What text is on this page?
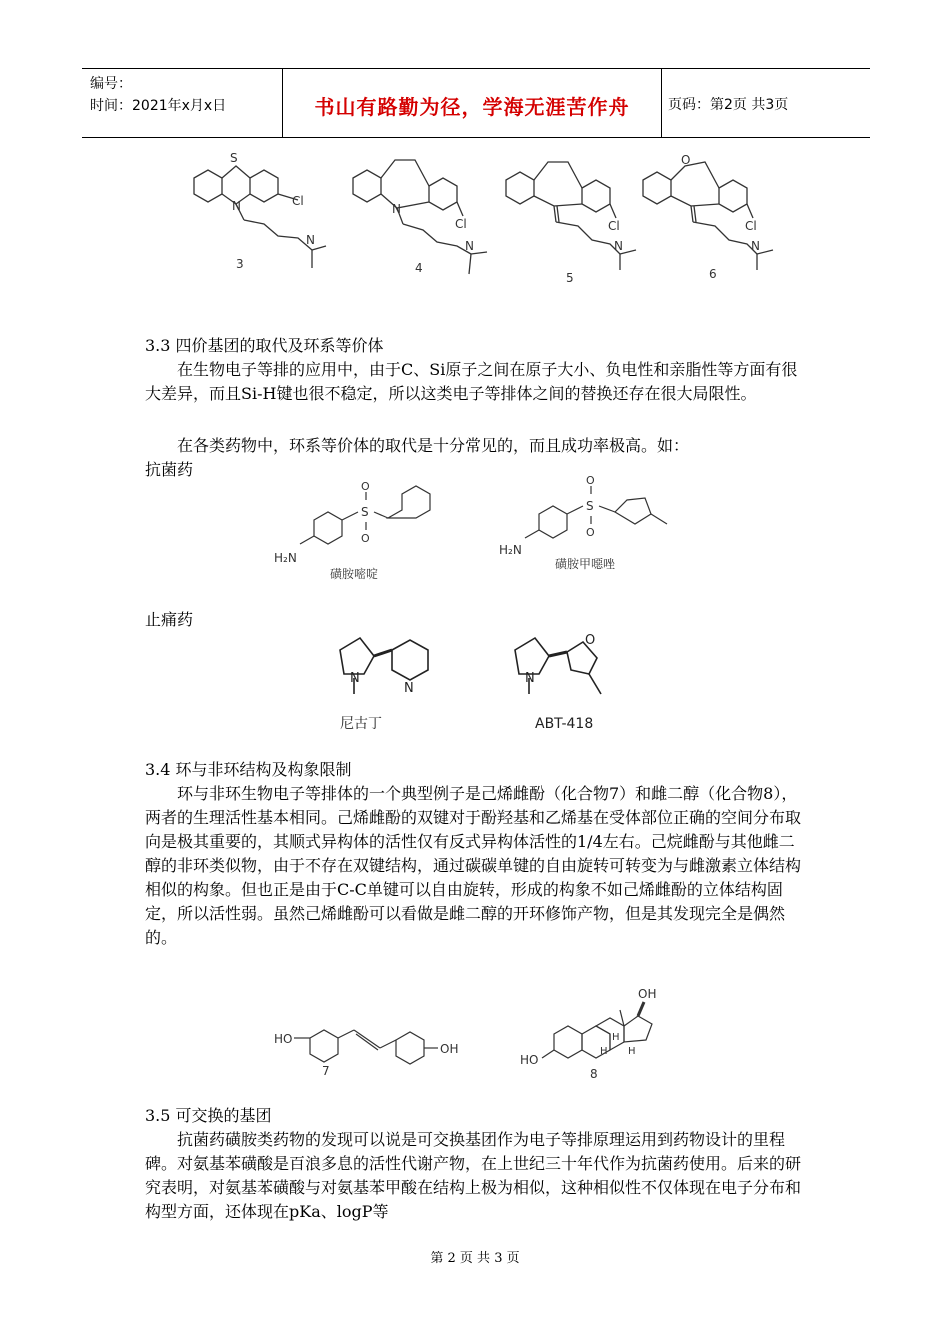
编号：
时间：2021年x月x日	书山有路勤为径，学海无涯苦作舟	页码：第2页 共3页
S
N	Cl
N
3
N
Cl
N
4
Cl
N
5
O
Cl
N
6

3.3 四价基团的取代及环系等价体

在生物电子等排的应用中，由于C、Si原子之间在原子大小、负电性和亲脂性等方面有很大差异，而且Si-H键也很不稳定，所以这类电子等排体之间的替换还存在很大局限性。

在各类药物中，环系等价体的取代是十分常见的，而且成功率极高。如：

抗菌药

H₂N
S
O
O
磺胺嘧啶
H₂N
S
O
O
磺胺甲噁唑

止痛药

N
N
尼古丁
N
O
ABT-418

3.4 环与非环结构及构象限制

环与非环生物电子等排体的一个典型例子是己烯雌酚（化合物7）和雌二醇（化合物8），两者的生理活性基本相同。己烯雌酚的双键对于酚羟基和乙烯基在受体部位正确的空间分布取向是极其重要的，其顺式异构体的活性仅有反式异构体活性的1/4左右。己烷雌酚与其他雌二醇的非环类似物，由于不存在双键结构，通过碳碳单键的自由旋转可转变为与雌激素立体结构相似的构象。但也正是由于C-C单键可以自由旋转，形成的构象不如己烯雌酚的立体结构固定，所以活性弱。虽然己烯雌酚可以看做是雌二醇的开环修饰产物，但是其发现完全是偶然的。

HO
OH
7
HO
OH
H
H H
8

3.5 可交换的基团

抗菌药磺胺类药物的发现可以说是可交换基团作为电子等排原理运用到药物设计的里程碑。对氨基苯磺酸是百浪多息的活性代谢产物，在上世纪三十年代作为抗菌药使用。后来的研究表明，对氨基苯磺酸与对氨基苯甲酸在结构上极为相似，这种相似性不仅体现在电子分布和构型方面，还体现在pKa、logP等

第 2 页 共 3 页
